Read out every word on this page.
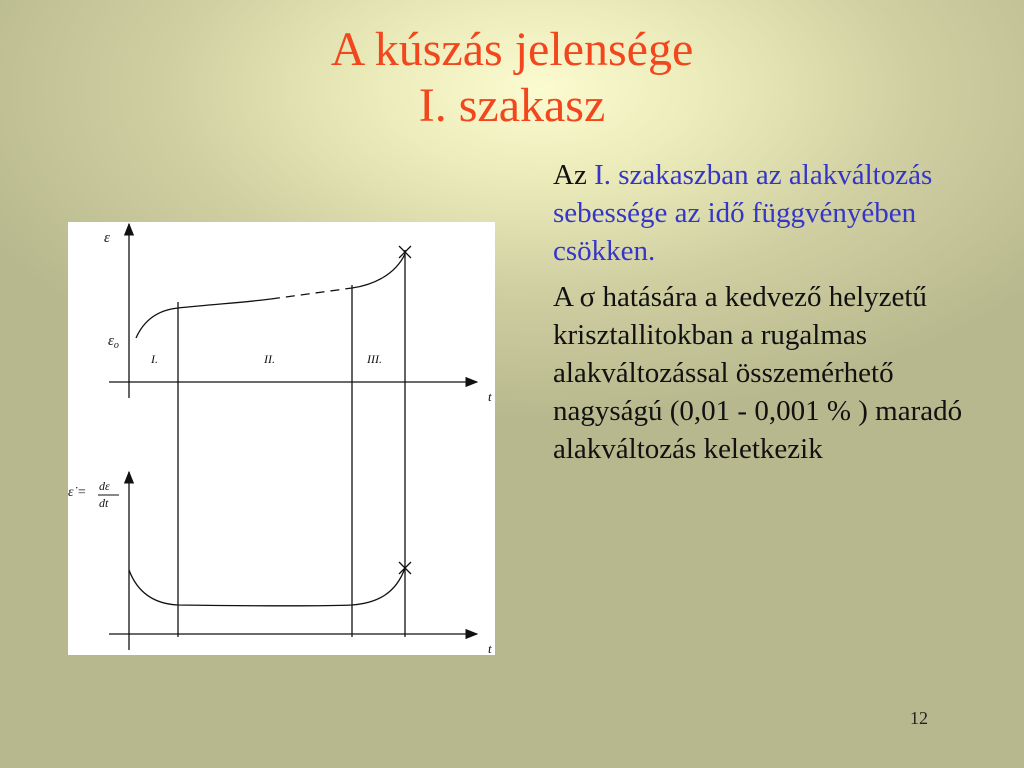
A kúszás jelensége
I. szakasz
ε
$\varepsilon_o$
I.	II.	III.
t
t
ε̇ = dε
dt

Az I. szakaszban az alakváltozás sebessége az idő függvényében csökken.

A σ hatására a kedvező helyzetű krisztallitokban a rugalmas alakváltozással összemérhető nagyságú (0,01 - 0,001 % ) maradó alakváltozás keletkezik

12
